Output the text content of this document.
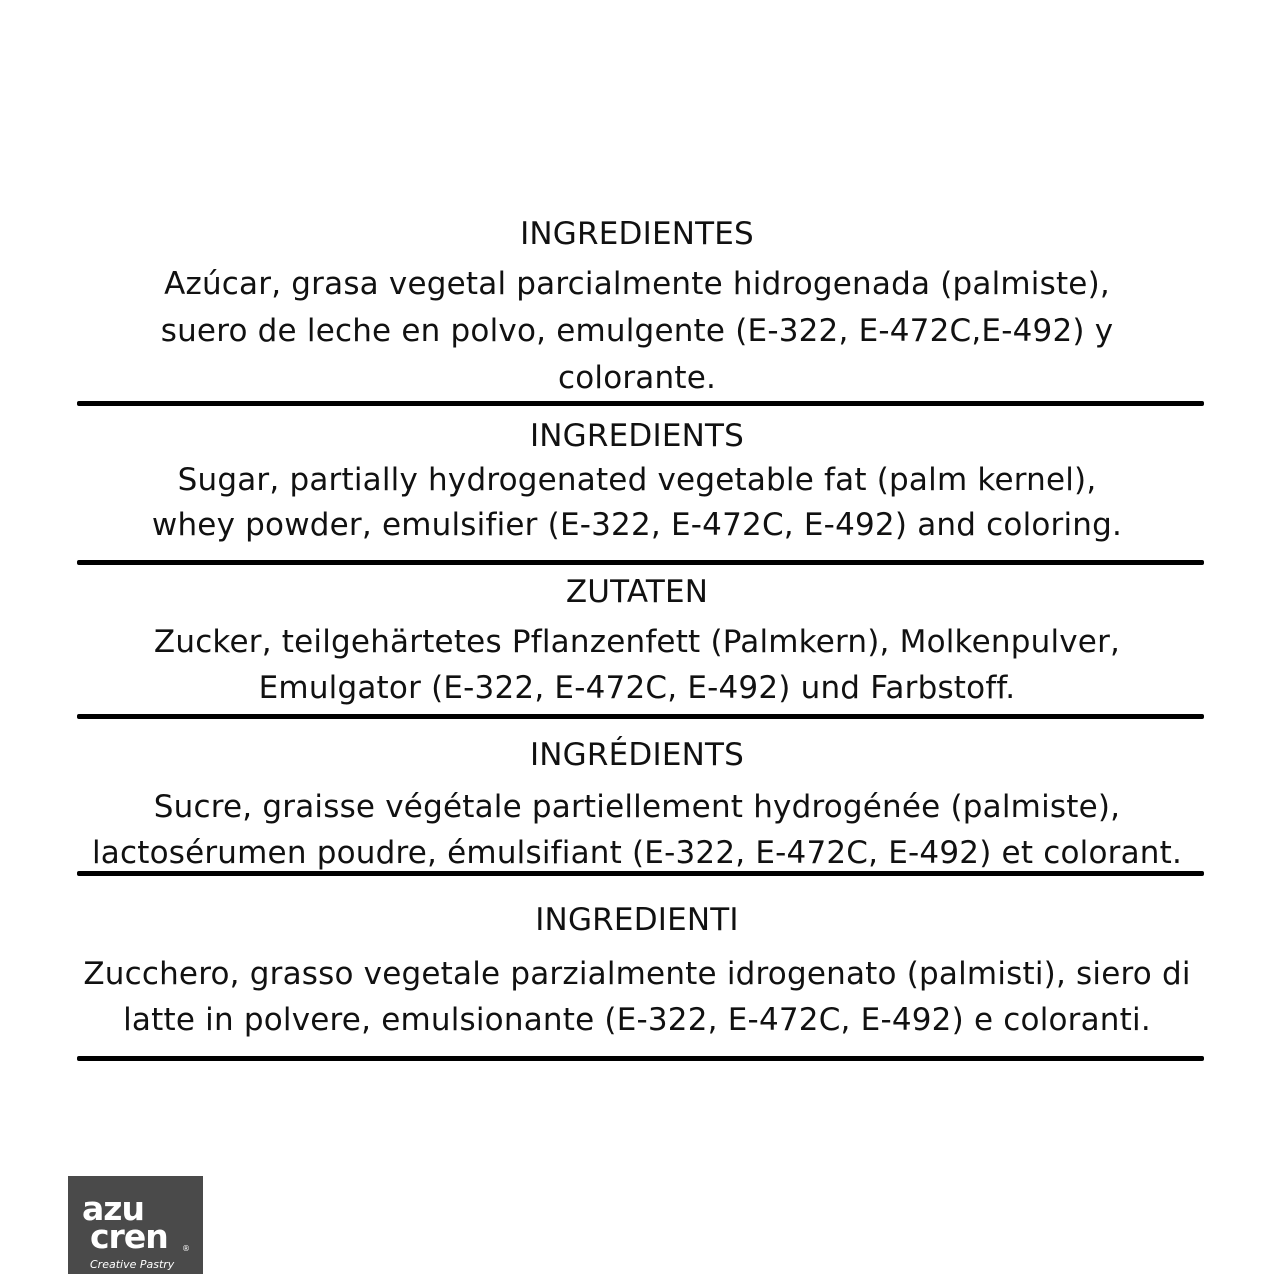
INGREDIENTES
Azúcar, grasa vegetal parcialmente hidrogenada (palmiste),
suero de leche en polvo, emulgente (E-322, E-472C,E-492) y
colorante.
INGREDIENTS
Sugar, partially hydrogenated vegetable fat (palm kernel),
whey powder, emulsifier (E-322, E-472C, E-492) and coloring.
ZUTATEN
Zucker, teilgehärtetes Pflanzenfett (Palmkern), Molkenpulver,
Emulgator (E-322, E-472C, E-492) und Farbstoff.
INGRÉDIENTS
Sucre, graisse végétale partiellement hydrogénée (palmiste),
lactosérumen poudre, émulsifiant (E-322, E-472C, E-492) et colorant.
INGREDIENTI
Zucchero, grasso vegetale parzialmente idrogenato (palmisti), siero di
latte in polvere, emulsionante (E-322, E-472C, E-492) e coloranti.
azu
cren ®
Creative Pastry
